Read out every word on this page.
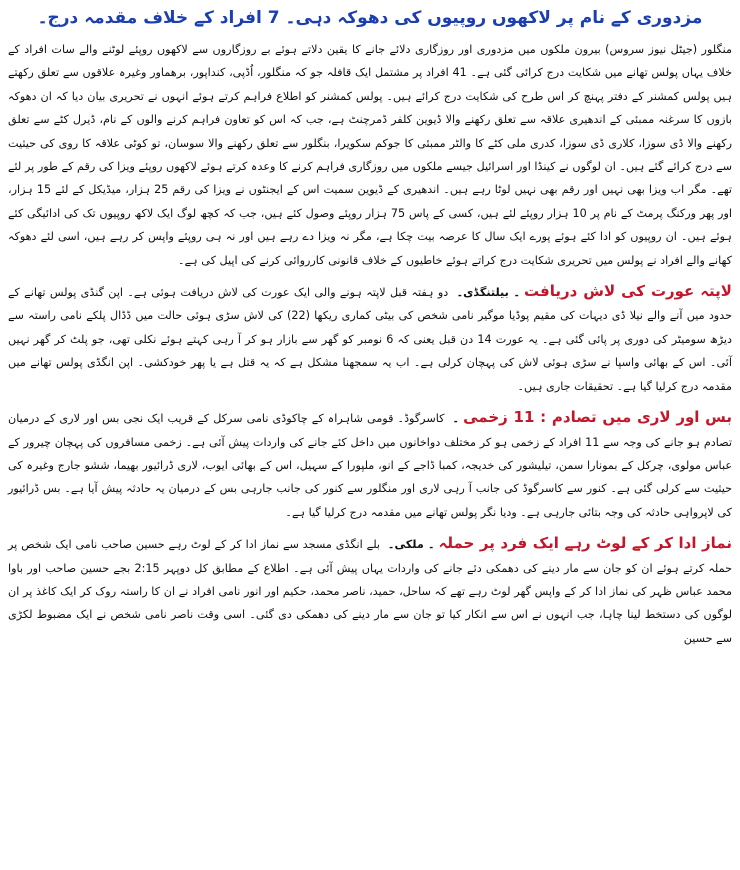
مزدوری کے نام پر لاکھوں روپیوں کی دھوکہ دہی۔ 7 افراد کے خلاف مقدمہ درج۔

منگلور (جیٹل نیوز سروس) بیرون ملکوں میں مزدوری اور روزگاری دلائے جانے کا یقین دلاتے ہوئے بے روزگاروں سے لاکھوں روپئے لوٹنے والے سات افراد کے خلاف یہاں پولس تھانے میں شکایت درج کرائی گئی ہے۔ 41 افراد پر مشتمل ایک قافلہ جو کہ منگلور، اُڈپی، کنداپور، برھماور وغیرہ علاقوں سے تعلق رکھتے ہیں پولس کمشنر کے دفتر پہنچ کر اس طرح کی شکایت درج کرائے ہیں۔ پولس کمشنر کو اطلاع فراہم کرتے ہوئے انہوں نے تحریری بیان دیا کہ ان دھوکہ بازوں کا سرغنہ ممبئی کے اندھیری علاقہ سے تعلق رکھنے والا ڈیوین کلفر ڈمرچنٹ ہے، جب کہ اس کو تعاون فراہم کرنے والوں کے نام، ڈیرل کٹے سے تعلق رکھنے والا ڈی سوزا، کلاری ڈی سوزا، کدری ملی کٹے کا والٹر ممبئی کا جوکم سکویرا، بنگلور سے تعلق رکھنے والا سوسان، تو کوٹی علاقہ کا روی کی حیثیت سے درج کرائے گئے ہیں۔ ان لوگوں نے کینڈا اور اسرائیل جیسے ملکوں میں روزگاری فراہم کرنے کا وعدہ کرتے ہوئے لاکھوں روپئے ویزا کی رقم کے طور پر لئے تھے۔ مگر اب ویزا بھی نہیں اور رقم بھی نہیں لوٹا رہے ہیں۔ اندھیری کے ڈیوین سمیت اس کے ایجنٹوں نے ویزا کی رقم 25 ہزار، میڈیکل کے لئے 15 ہزار، اور پھر ورکنگ پرمٹ کے نام پر 10 ہزار روپئے لئے ہیں، کسی کے پاس 75 ہزار روپئے وصول کئے ہیں، جب کہ کچھ لوگ ایک لاکھ روپیوں تک کی ادائیگی کئے ہوئے ہیں۔ ان روپیوں کو ادا کئے ہوئے پورے ایک سال کا عرصہ بیت چکا ہے، مگر نہ ویزا دے رہے ہیں اور نہ ہی روپئے واپس کر رہے ہیں، اسی لئے دھوکہ کھانے والے افراد نے پولس میں تحریری شکایت درج کراتے ہوئے خاطیوں کے خلاف قانونی کارروائی کرنے کی اپیل کی ہے۔

لاپتہ عورت کی لاش دریافت۔ بیلتنگڈی۔ دو ہفتہ قبل لاپتہ ہونے والی ایک عورت کی لاش دریافت ہوئی ہے۔ اپن گنڈی پولس تھانے کے حدود میں آنے والے نیلا ڈی دیہات کی مقیم پوڈیا موگیر نامی شخص کی بیٹی کماری ریکھا (22) کی لاش سڑی ہوئی حالت میں ڈڈال پلکے نامی راستہ سے دیڑھ سومیٹر کی دوری پر پائی گئی ہے۔ یہ عورت 14 دن قبل یعنی کہ 6 نومبر کو گھر سے بازار ہو کر آ رہی کہتے ہوئے نکلی تھی، جو پلٹ کر گھر نہیں آئی۔ اس کے بھائی واسپا نے سڑی ہوئی لاش کی پہچان کرلی ہے۔ اب یہ سمجھنا مشکل ہے کہ یہ قتل ہے یا پھر خودکشی۔ اپن انگڈی پولس تھانے میں مقدمہ درج کرلیا گیا ہے۔ تحقیقات جاری ہیں۔

بس اور لاری میں تصادم : 11 زخمی۔ کاسرگوڈ۔ قومی شاہراہ کے چاکوڈی نامی سرکل کے قریب ایک نجی بس اور لاری کے درمیان تصادم ہو جانے کی وجہ سے 11 افراد کے زخمی ہو کر مختلف دواخانوں میں داخل کئے جانے کی واردات پیش آئی ہے۔ زخمی مسافروں کی پہچان چیرور کے عباس مولوی، چرکل کے بمونارا سمن، تیلیشور کی خدیجہ، کمبا ڈاجے کے انو، ملپورا کے سہیل، اس کے بھائی ایوب، لاری ڈرائیور بھیما، ششو جارج وغیرہ کی حیثیت سے کرلی گئی ہے۔ کنور سے کاسرگوڈ کی جانب آ رہی لاری اور منگلور سے کنور کی جانب جارہی بس کے درمیان یہ حادثہ پیش آیا ہے۔ بس ڈرائیور کی لاپرواہی حادثہ کی وجہ بتائی جارہی ہے۔ ودیا نگر پولس تھانے میں مقدمہ درج کرلیا گیا ہے۔

نماز ادا کر کے لوٹ رہے ایک فرد پر حملہ۔ ملکی۔ بلے انگڈی مسجد سے نماز ادا کر کے لوٹ رہے حسین صاحب نامی ایک شخص پر حملہ کرتے ہوئے ان کو جان سے مار دینے کی دھمکی دئے جانے کی واردات یہاں پیش آئی ہے۔ اطلاع کے مطابق کل دوپہر 2:15 بجے حسین صاحب اور باوا محمد عباس ظہر کی نماز ادا کر کے واپس گھر لوٹ رہے تھے کہ ساحل، حمید، ناصر محمد، حکیم اور انور نامی افراد نے ان کا راستہ روک کر ایک کاغذ پر ان لوگوں کی دستخط لینا چاہا، جب انہوں نے اس سے انکار کیا تو جان سے مار دینے کی دھمکی دی گئی۔ اسی وقت ناصر نامی شخص نے ایک مضبوط لکڑی سے حسین
